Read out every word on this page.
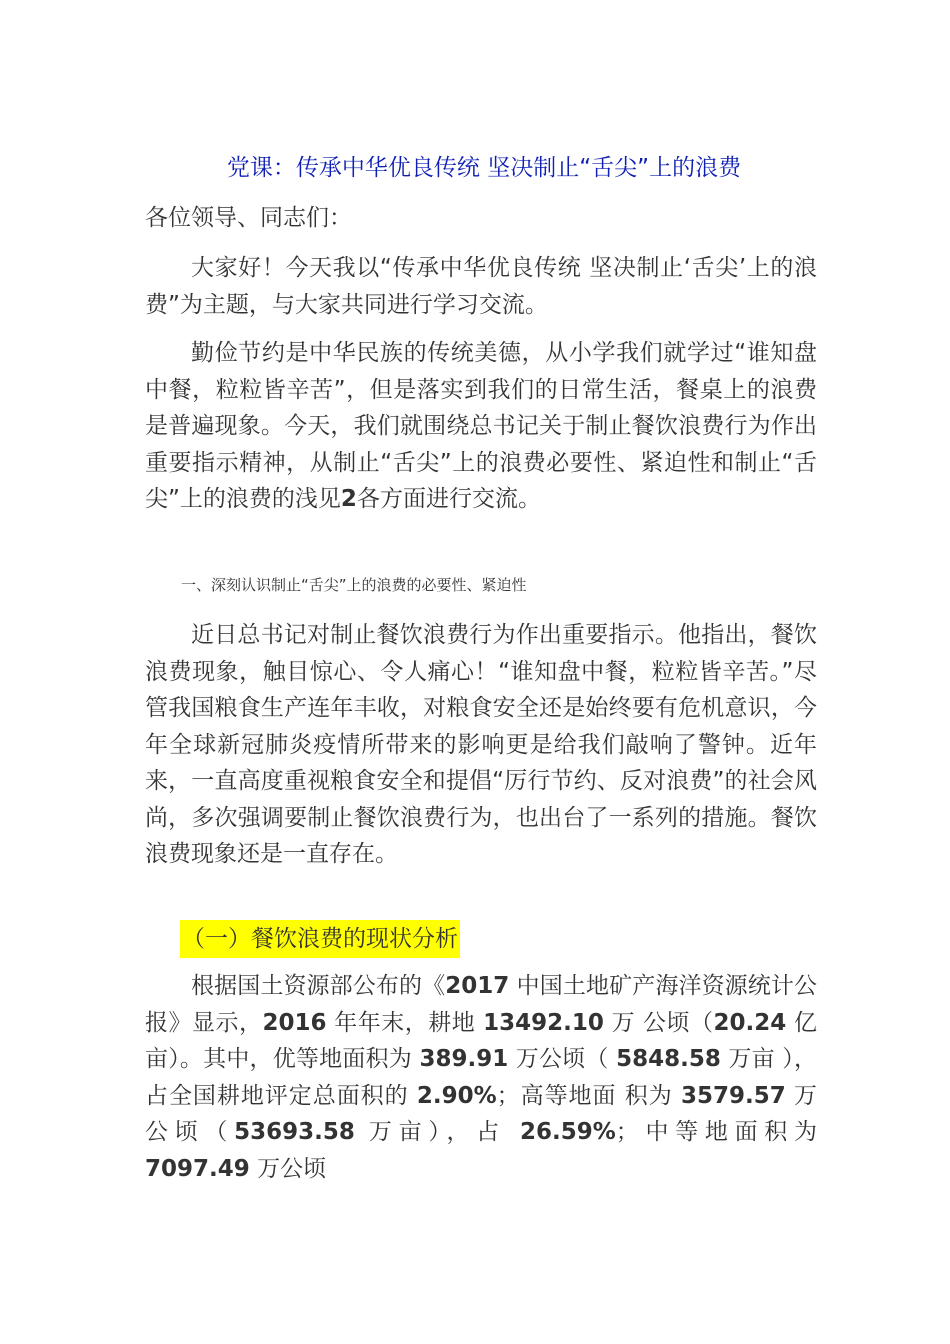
党课：传承中华优良传统 坚决制止“舌尖”上的浪费
各位领导、同志们：
大家好！今天我以“传承中华优良传统 坚决制止‘舌尖’上的浪费”为主题，与大家共同进行学习交流。
勤俭节约是中华民族的传统美德，从小学我们就学过“谁知盘中餐，粒粒皆辛苦”，但是落实到我们的日常生活，餐桌上的浪费是普遍现象。今天，我们就围绕总书记关于制止餐饮浪费行为作出重要指示精神，从制止“舌尖”上的浪费必要性、紧迫性和制止“舌尖”上的浪费的浅见2各方面进行交流。
一、深刻认识制止“舌尖”上的浪费的必要性、紧迫性
近日总书记对制止餐饮浪费行为作出重要指示。他指出，餐饮浪费现象，触目惊心、令人痛心！“谁知盘中餐，粒粒皆辛苦。”尽管我国粮食生产连年丰收，对粮食安全还是始终要有危机意识，今年全球新冠肺炎疫情所带来的影响更是给我们敲响了警钟。近年来，一直高度重视粮食安全和提倡“厉行节约、反对浪费”的社会风尚，多次强调要制止餐饮浪费行为，也出台了一系列的措施。餐饮浪费现象还是一直存在。
（一）餐饮浪费的现状分析
根据国土资源部公布的《2017 中国土地矿产海洋资源统计公报》显示，2016 年年末，耕地 13492.10 万 公顷（20.24 亿亩）。其中，优等地面积为 389.91 万公顷（ 5848.58 万亩 ），占全国耕地评定总面积的 2.90%；高等地面 积为 3579.57 万公顷（53693.58 万亩），占 26.59%；中等地面积为 7097.49 万公顷
